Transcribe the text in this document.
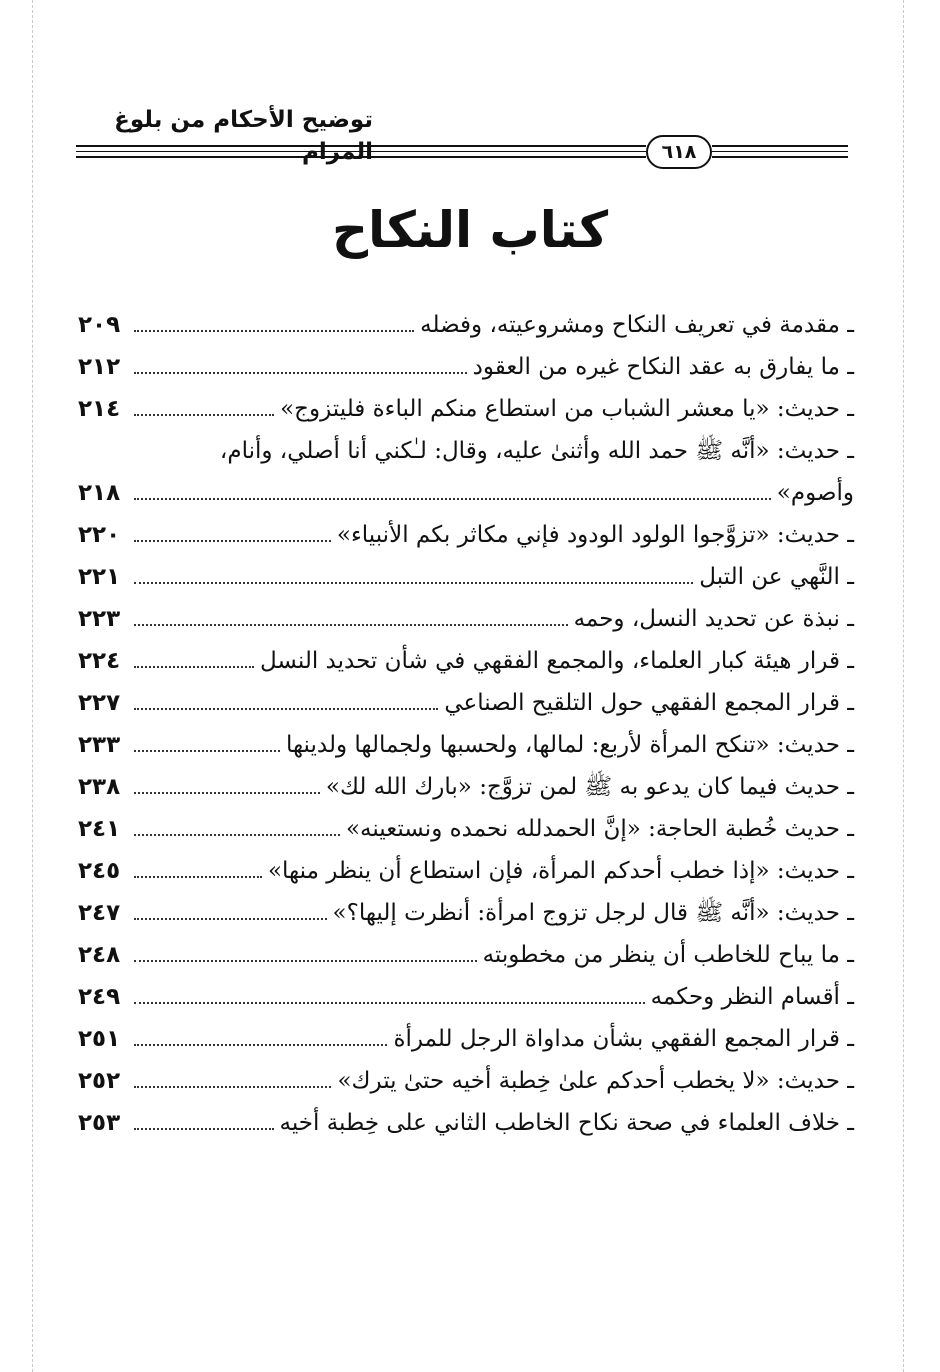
توضيح الأحكام من بلوغ المرام	٦١٨
كتاب النكاح
ـ مقدمة في تعريف النكاح ومشروعيته، وفضله
٢٠٩
ـ ما يفارق به عقد النكاح غيره من العقود
٢١٢
ـ حديث: «يا معشر الشباب من استطاع منكم الباءة فليتزوج»
٢١٤
ـ حديث: «أنَّه ﷺ حمد الله وأثنىٰ عليه، وقال: لـٰكني أنا أصلي، وأنام،
وأصوم»
٢١٨
ـ حديث: «تزوَّجوا الولود الودود فإني مكاثر بكم الأنبياء»
٢٢٠
ـ النَّهي عن التبل
٢٢١
ـ نبذة عن تحديد النسل، وحمه
٢٢٣
ـ قرار هيئة كبار العلماء، والمجمع الفقهي في شأن تحديد النسل
٢٢٤
ـ قرار المجمع الفقهي حول التلقيح الصناعي
٢٢٧
ـ حديث: «تنكح المرأة لأربع: لمالها، ولحسبها ولجمالها ولدينها
٢٣٣
ـ حديث فيما كان يدعو به ﷺ لمن تزوَّج: «بارك الله لك»
٢٣٨
ـ حديث خُطبة الحاجة: «إنَّ الحمدلله نحمده ونستعينه»
٢٤١
ـ حديث: «إذا خطب أحدكم المرأة، فإن استطاع أن ينظر منها»
٢٤٥
ـ حديث: «أنَّه ﷺ قال لرجل تزوج امرأة: أنظرت إليها؟»
٢٤٧
ـ ما يباح للخاطب أن ينظر من مخطوبته
٢٤٨
ـ أقسام النظر وحكمه
٢٤٩
ـ قرار المجمع الفقهي بشأن مداواة الرجل للمرأة
٢٥١
ـ حديث: «لا يخطب أحدكم علىٰ خِطبة أخيه حتىٰ يترك»
٢٥٢
ـ خلاف العلماء في صحة نكاح الخاطب الثاني على خِطبة أخيه
٢٥٣
